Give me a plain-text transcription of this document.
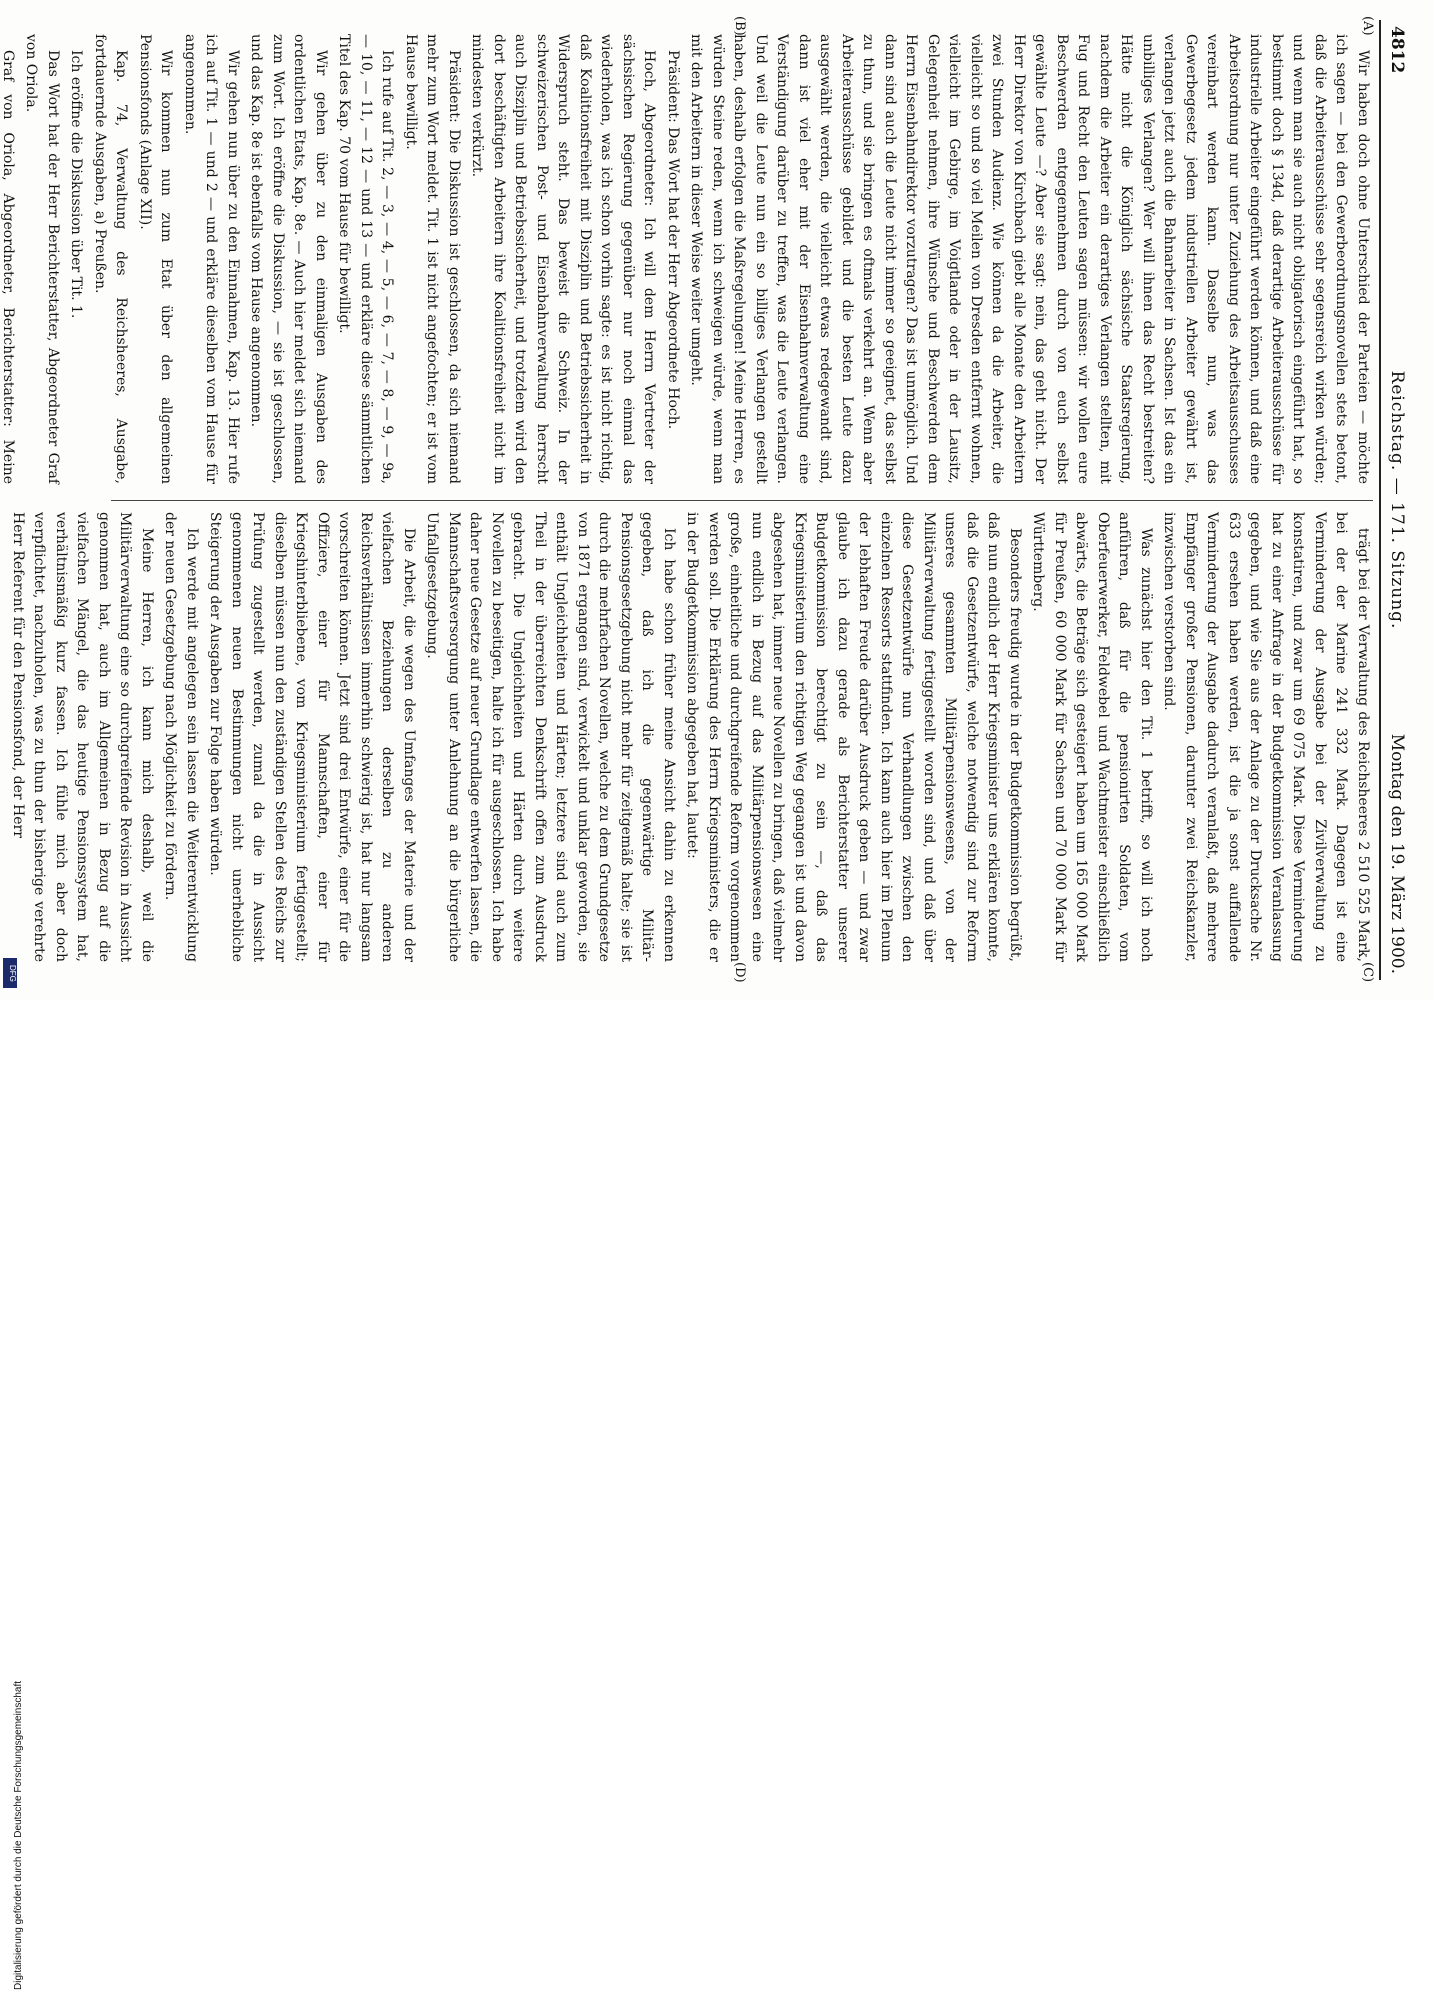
4812
Reichstag. — 171. Sitzung.
Montag den 19. März 1900.
(A)
(B)
(C)
(D)

Wir haben doch ohne Unterschied der Parteien — möchte ich sagen — bei den Gewerbeordnungsnovellen stets betont, daß die Arbeiterausschüsse sehr segensreich wirken würden; und wenn man sie auch nicht obligatorisch eingeführt hat, so bestimmt doch § 134d, daß derartige Arbeiterausschüsse für industrielle Arbeiter eingeführt werden können, und daß eine Arbeitsordnung nur unter Zuziehung des Arbeitsausschusses vereinbart werden kann. Dasselbe nun, was das Gewerbegesetz jedem industriellen Arbeiter gewährt ist, verlangen jetzt auch die Bahnarbeiter in Sachsen. Ist das ein unbilliges Verlangen? Wer will ihnen das Recht bestreiten? Hätte nicht die Königlich sächsische Staatsregierung, nachdem die Arbeiter ein derartiges Verlangen stellten, mit Fug und Recht den Leuten sagen müssen: wir wollen eure Beschwerden entgegennehmen durch von euch selbst gewählte Leute —? Aber sie sagt: nein, das geht nicht. Der Herr Direktor von Kirchbach giebt alle Monate den Arbeitern zwei Stunden Audienz. Wie können da die Arbeiter, die vielleicht so und so viel Meilen von Dresden entfernt wohnen, vielleicht im Gebirge, im Voigtlande oder in der Lausitz, Gelegenheit nehmen, ihre Wünsche und Beschwerden dem Herrn Eisenbahndirektor vorzutragen? Das ist unmöglich. Und dann sind auch die Leute nicht immer so geeignet, das selbst zu thun, und sie bringen es oftmals verkehrt an. Wenn aber Arbeiterausschüsse gebildet und die besten Leute dazu ausgewählt werden, die vielleicht etwas redegewandt sind, dann ist viel eher mit der Eisenbahnverwaltung eine Verständigung darüber zu treffen, was die Leute verlangen. Und weil die Leute nun ein so billiges Verlangen gestellt haben, deshalb erfolgen die Maßregelungen! Meine Herren, es würden Steine reden, wenn ich schweigen würde, wenn man mit den Arbeitern in dieser Weise weiter umgeht.

Präsident: Das Wort hat der Herr Abgeordnete Hoch.

Hoch, Abgeordneter: Ich will dem Herrn Vertreter der sächsischen Regierung gegenüber nur noch einmal das wiederholen, was ich schon vorhin sagte: es ist nicht richtig, daß Koalitionsfreiheit mit Disziplin und Betriebssicherheit in Widerspruch steht. Das beweist die Schweiz. In der schweizerischen Post- und Eisenbahnverwaltung herrscht auch Disziplin und Betriebssicherheit, und trotzdem wird den dort beschäftigten Arbeitern ihre Koalitionsfreiheit nicht im mindesten verkürzt.

Präsident: Die Diskussion ist geschlossen, da sich niemand mehr zum Wort meldet. Tit. 1 ist nicht angefochten; er ist vom Hause bewilligt.

Ich rufe auf Tit. 2, — 3, — 4, — 5, — 6, — 7, — 8, — 9, — 9a, — 10, — 11, — 12 — und 13 — und erkläre diese sämmtlichen Titel des Kap. 70 vom Hause für bewilligt.

Wir gehen über zu den einmaligen Ausgaben des ordentlichen Etats, Kap. 8e. — Auch hier meldet sich niemand zum Wort. Ich eröffne die Diskussion, — sie ist geschlossen, und das Kap. 8e ist ebenfalls vom Hause angenommen.

Wir gehen nun über zu den Einnahmen, Kap. 13. Hier rufe ich auf Tit. 1 — und 2 — und erkläre dieselben vom Hause für angenommen.

Wir kommen nun zum Etat über den allgemeinen Pensionsfonds (Anlage XII).

Kap. 74, Verwaltung des Reichsheeres, Ausgabe, fortdauernde Ausgaben, a) Preußen.

Ich eröffne die Diskussion über Tit. 1.

Das Wort hat der Herr Berichterstatter, Abgeordneter Graf von Oriola.

Graf von Oriola, Abgeordneter, Berichterstatter: Meine

trägt bei der Verwaltung des Reichsheeres 2 510 525 Mark, bei der der Marine 241 332 Mark. Dagegen ist eine Verminderung der Ausgabe bei der Zivilverwaltung zu konstatiren, und zwar um 69 075 Mark. Diese Verminderung hat zu einer Anfrage in der Budgetkommission Veranlassung gegeben, und wie Sie aus der Anlage zu der Drucksache Nr. 633 ersehen haben werden, ist die ja sonst auffallende Verminderung der Ausgabe dadurch veranlaßt, daß mehrere Empfänger großer Pensionen, darunter zwei Reichskanzler, inzwischen verstorben sind.

Was zunächst hier den Tit. 1 betrifft, so will ich noch anführen, daß für die pensionirten Soldaten, vom Oberfeuerwerker, Feldwebel und Wachtmeister einschließlich abwärts, die Beträge sich gesteigert haben um 165 000 Mark für Preußen, 60 000 Mark für Sachsen und 70 000 Mark für Württemberg.

Besonders freudig wurde in der Budgetkommission begrüßt, daß nun endlich der Herr Kriegsminister uns erklären konnte, daß die Gesetzentwürfe, welche notwendig sind zur Reform unseres gesammten Militärpensionswesens, von der Militärverwaltung fertiggestellt worden sind, und daß über diese Gesetzentwürfe nun Verhandlungen zwischen den einzelnen Ressorts stattfinden. Ich kann auch hier im Plenum der lebhaften Freude darüber Ausdruck geben — und zwar glaube ich dazu gerade als Berichterstatter unserer Budgetkommission berechtigt zu sein —, daß das Kriegsministerium den richtigen Weg gegangen ist und davon abgesehen hat, immer neue Novellen zu bringen, daß vielmehr nun endlich in Bezug auf das Militärpensionswesen eine große, einheitliche und durchgreifende Reform vorgenommen werden soll. Die Erklärung des Herrn Kriegsministers, die er in der Budgetkommission abgegeben hat, lautet:

Ich habe schon früher meine Ansicht dahin zu erkennen gegeben, daß ich die gegenwärtige Militär-Pensionsgesetzgebung nicht mehr für zeitgemäß halte; sie ist durch die mehrfachen Novellen, welche zu dem Grundgesetze von 1871 ergangen sind, verwickelt und unklar geworden, sie enthält Ungleichheiten und Härten; letztere sind auch zum Theil in der überreichten Denkschrift offen zum Ausdruck gebracht. Die Ungleichheiten und Härten durch weitere Novellen zu beseitigen, halte ich für ausgeschlossen. Ich habe daher neue Gesetze auf neuer Grundlage entwerfen lassen, die Mannschaftsversorgung unter Anlehnung an die bürgerliche Unfallgesetzgebung.

Die Arbeit, die wegen des Umfanges der Materie und der vielfachen Beziehungen derselben zu anderen Reichsverhältnissen immerhin schwierig ist, hat nur langsam vorschreiten können. Jetzt sind drei Entwürfe, einer für die Offiziere, einer für Mannschaften, einer für Kriegshinterbliebene, vom Kriegsministerium fertiggestellt; dieselben müssen nun den zuständigen Stellen des Reichs zur Prüfung zugestellt werden, zumal da die in Aussicht genommenen neuen Bestimmungen nicht unerhebliche Steigerung der Ausgaben zur Folge haben würden.

Ich werde mit angelegen sein lassen die Weiterentwicklung der neuen Gesetzgebung nach Möglichkeit zu fördern.

Meine Herren, ich kann mich deshalb, weil die Militärverwaltung eine so durchgreifende Revision in Aussicht genommen hat, auch im Allgemeinen in Bezug auf die vielfachen Mängel, die das heutige Pensionssystem hat, verhältnismäßig kurz fassen. Ich fühle mich aber doch verpflichtet, nachzuholen, was zu thun der bisherige verehrte Herr Referent für den Pensionsfond, der Herr

Digitalisierung gefördert durch die Deutsche Forschungsgemeinschaft
DFG
